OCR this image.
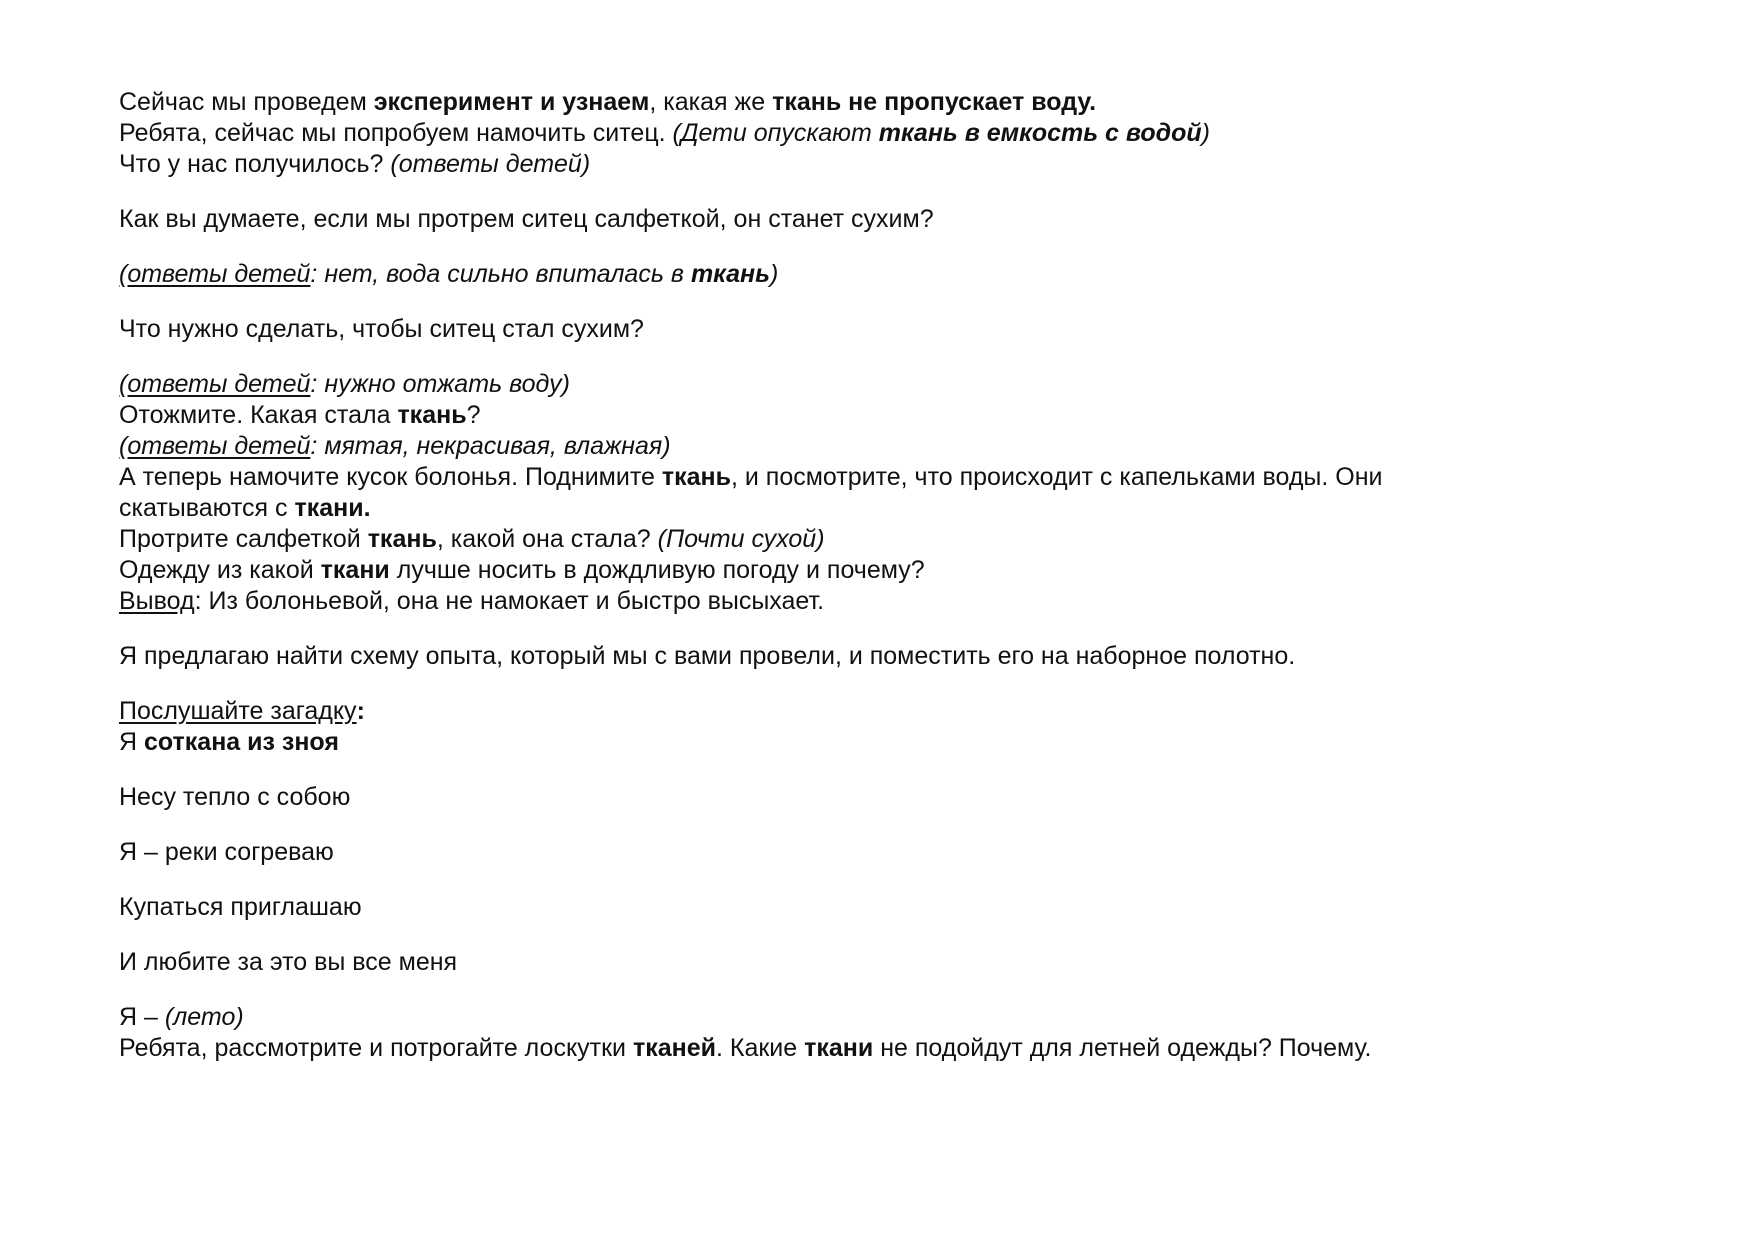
Сейчас мы проведем эксперимент и узнаем, какая же ткань не пропускает воду.

Ребята, сейчас мы попробуем намочить ситец. (Дети опускают ткань в емкость с водой)

Что у нас получилось? (ответы детей)

Как вы думаете, если мы протрем ситец салфеткой, он станет сухим?

(ответы детей: нет, вода сильно впиталась в ткань)

Что нужно сделать, чтобы ситец стал сухим?

(ответы детей: нужно отжать воду)

Отожмите. Какая стала ткань?

(ответы детей: мятая, некрасивая, влажная)

А теперь намочите кусок болонья. Поднимите ткань, и посмотрите, что происходит с капельками воды. Они

скатываются с ткани.

Протрите салфеткой ткань, какой она стала? (Почти сухой)

Одежду из какой ткани лучше носить в дождливую погоду и почему?

Вывод: Из болоньевой, она не намокает и быстро высыхает.

Я предлагаю найти схему опыта, который мы с вами провели, и поместить его на наборное полотно.

Послушайте загадку:

Я соткана из зноя

Несу тепло с собою

Я – реки согреваю

Купаться приглашаю

И любите за это вы все меня

Я – (лето)

Ребята, рассмотрите и потрогайте лоскутки тканей. Какие ткани не подойдут для летней одежды? Почему.
